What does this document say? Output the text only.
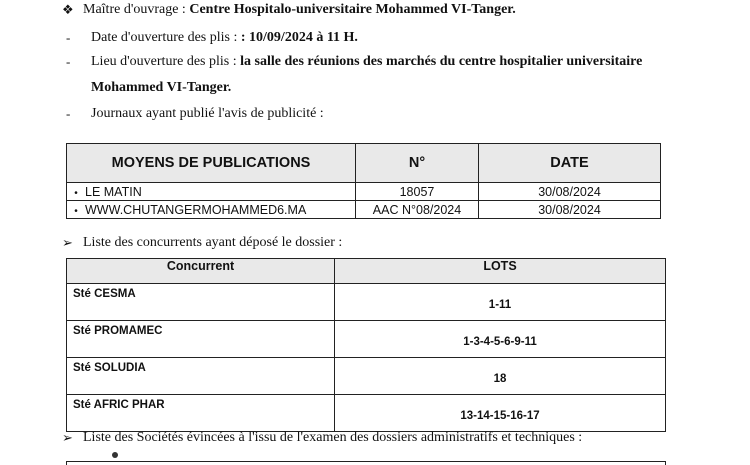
❖ Maître d'ouvrage : Centre Hospitalo-universitaire Mohammed VI-Tanger.
- Date d'ouverture des plis : : 10/09/2024 à 11 H.
- Lieu d'ouverture des plis : la salle des réunions des marchés du centre hospitalier universitaire
Mohammed VI-Tanger.
- Journaux ayant publié l'avis de publicité :
MOYENS DE PUBLICATIONS	N°	DATE
• LE MATIN	18057	30/08/2024
• WWW.CHUTANGERMOHAMMED6.MA	AAC N°08/2024	30/08/2024
➢ Liste des concurrents ayant déposé le dossier :
Concurrent	LOTS
Sté CESMA	1-11
Sté PROMAMEC	1-3-4-5-6-9-11
Sté SOLUDIA	18
Sté AFRIC PHAR	13-14-15-16-17
➢ Liste des Sociétés évincées à l'issu de l'examen des dossiers administratifs et techniques :
